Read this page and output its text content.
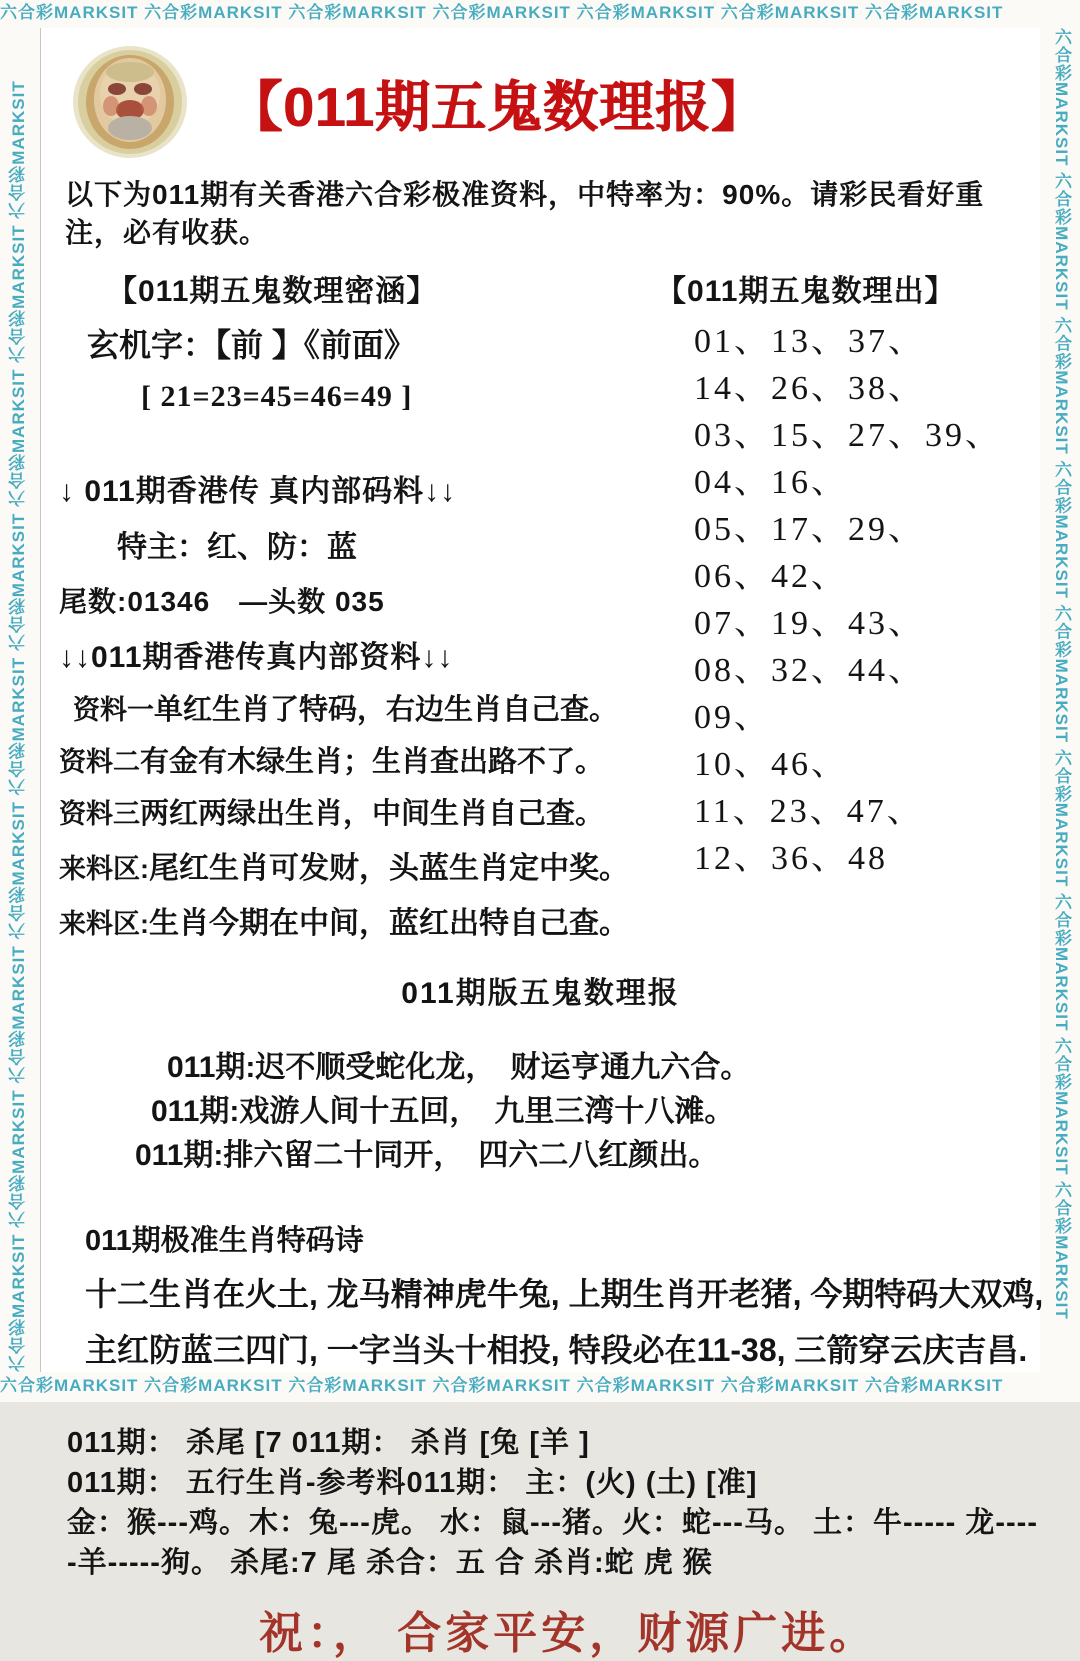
六合彩MARKSIT 六合彩MARKSIT 六合彩MARKSIT 六合彩MARKSIT 六合彩MARKSIT 六合彩MARKSIT 六合彩MARKSIT
六合彩MARKSIT 六合彩MARKSIT 六合彩MARKSIT 六合彩MARKSIT 六合彩MARKSIT 六合彩MARKSIT 六合彩MARKSIT
六合彩MARKSIT 六合彩MARKSIT 六合彩MARKSIT 六合彩MARKSIT 六合彩MARKSIT 六合彩MARKSIT 六合彩MARKSIT 六合彩MARKSIT 六合彩MARKSIT	六合彩MARKSIT 六合彩MARKSIT 六合彩MARKSIT 六合彩MARKSIT 六合彩MARKSIT 六合彩MARKSIT 六合彩MARKSIT 六合彩MARKSIT 六合彩MARKSIT
【011期五鬼数理报】

以下为011期有关香港六合彩极准资料，中特率为：90%。请彩民看好重注，必有收获。

【011期五鬼数理密涵】
玄机字：【前 】《前面》
[ 21=23=45=46=49 ]
↓ 011期香港传 真内部码料↓↓
特主：红、防：蓝
尾数:01346　—头数 035
↓↓011期香港传真内部资料↓↓
资料一 单红生肖了特码，右边生肖自己查。
资料二 有金有木绿生肖；生肖查出路不了。
资料三 两红两绿出生肖，中间生肖自己查。
来料区: 尾红生肖可发财，头蓝生肖定中奖。
来料区: 生肖今期在中间，蓝红出特自己查。
【011期五鬼数理出】
01、13、37、
14、26、38、
03、15、27、39、
04、16、
05、17、29、
06、42、
07、19、43、
08、32、44、
09、
10、46、
11、23、47、
12、36、48
011期版五鬼数理报
011期:迟不顺受蛇化龙，　财运亨通九六合。
011期:戏游人间十五回，　九里三湾十八滩。
011期:排六留二十同开，　四六二八红颜出。
011期极准生肖特码诗
十二生肖在火土, 龙马精神虎牛兔, 上期生肖开老猪, 今期特码大双鸡,
主红防蓝三四门, 一字当头十相投, 特段必在11-38, 三箭穿云庆吉昌.
011期： 杀尾 [7 011期： 杀肖 [兔 [羊 ]
011期： 五行生肖-参考料011期： 主：(火) (土) [准]
金：猴---鸡。木：兔---虎。 水：鼠---猪。火：蛇---马。 土：牛----- 龙----
-羊-----狗。 杀尾:7 尾 杀合：五 合 杀肖:蛇 虎 猴
祝：， 合家平安，财源广进。
